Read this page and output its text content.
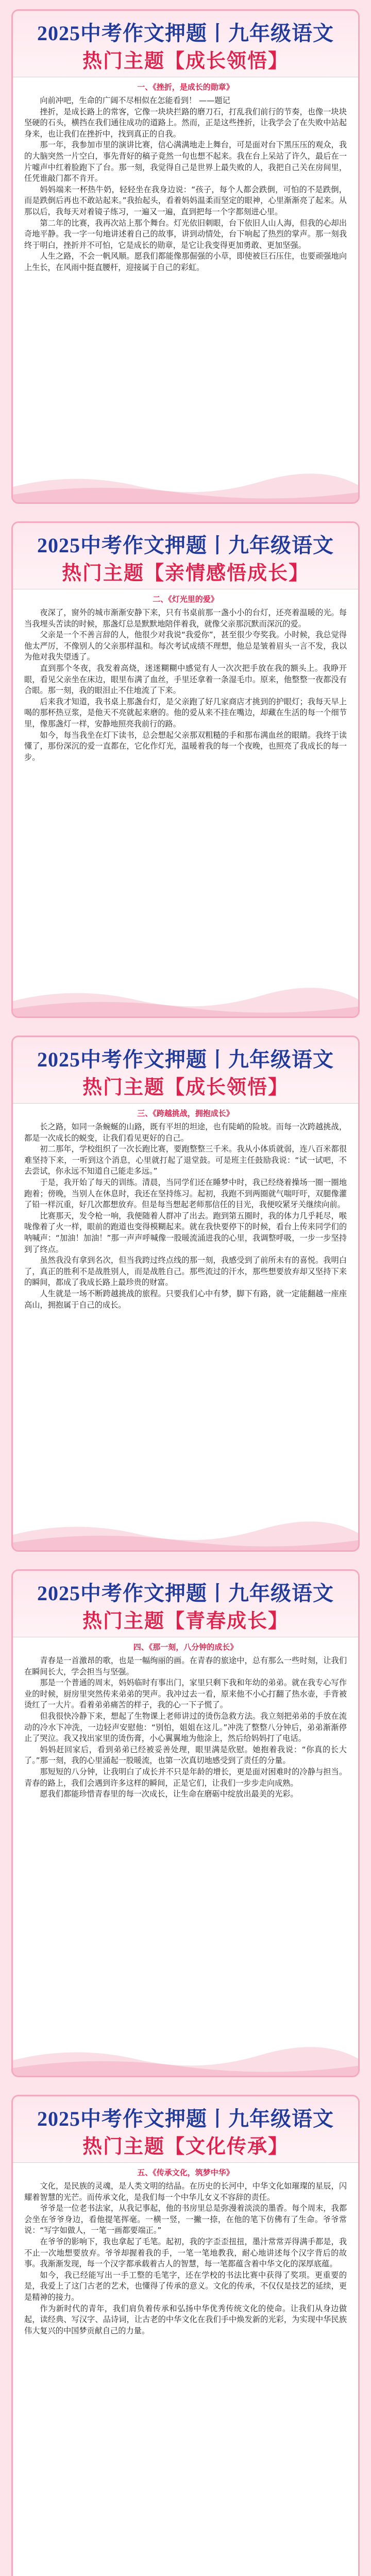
2025中考作文押题丨九年级语文
热门主题【成长领悟】
一、《挫折，是成长的勋章》

向前冲吧，生命的广阔不尽相似在怎能看到！ ——题记

挫折，是成长路上的常客，它像一块块拦路的磨刀石，打乱我们前行的节奏，也像一块块坚硬的石头，横挡在我们通往成功的道路上。然而，正是这些挫折，让我学会了在失败中站起身来，也让我们在挫折中，找到真正的自我。

那一年，我参加市里的演讲比赛，信心满满地走上舞台，可是面对台下黑压压的观众，我的大脑突然一片空白，事先背好的稿子竟然一句也想不起来。我在台上呆站了许久，最后在一片嘘声中红着脸跑下了台。那一刻，我觉得自己是世界上最失败的人，我把自己关在房间里，任凭谁敲门都不肯开。

妈妈端来一杯热牛奶，轻轻坐在我身边说：“孩子，每个人都会跌倒，可怕的不是跌倒，而是跌倒后再也不敢站起来。”我抬起头，看着妈妈温柔而坚定的眼神，心里渐渐亮了起来。从那以后，我每天对着镜子练习，一遍又一遍，直到把每一个字都刻进心里。

第二年的比赛，我再次站上那个舞台。灯光依旧刺眼，台下依旧人山人海，但我的心却出奇地平静。我一字一句地讲述着自己的故事，讲到动情处，台下响起了热烈的掌声。那一刻我终于明白，挫折并不可怕，它是成长的勋章，是它让我变得更加勇敢、更加坚强。

人生之路，不会一帆风顺。愿我们都能像那倔强的小草，即使被巨石压住，也要顽强地向上生长，在风雨中挺直腰杆，迎接属于自己的彩虹。

2025中考作文押题丨九年级语文
热门主题【亲情感悟成长】
二、《灯光里的爱》

夜深了，窗外的城市渐渐安静下来，只有书桌前那一盏小小的台灯，还亮着温暖的光。每当我埋头苦读的时候，那盏灯总是默默地陪伴着我，就像父亲那沉默而深沉的爱。

父亲是一个不善言辞的人，他很少对我说“我爱你”，甚至很少夸奖我。小时候，我总觉得他太严厉，不像别人的父亲那样温和。每次考试成绩不理想，他总是皱着眉头一言不发，我以为他对我失望透了。

直到那个冬夜，我发着高烧，迷迷糊糊中感觉有人一次次把手放在我的额头上。我睁开眼，看见父亲坐在床边，眼里布满了血丝，手里还拿着一条湿毛巾。原来，他整整一夜都没有合眼。那一刻，我的眼泪止不住地流了下来。

后来我才知道，我书桌上那盏台灯，是父亲跑了好几家商店才挑到的护眼灯；我每天早上喝的那杯热豆浆，是他天不亮就起来磨的。他的爱从来不挂在嘴边，却藏在生活的每一个细节里，像那盏灯一样，安静地照亮我前行的路。

如今，每当我坐在灯下读书，总会想起父亲那双粗糙的手和那布满血丝的眼睛。我终于读懂了，那份深沉的爱一直都在，它化作灯光，温暖着我的每一个夜晚，也照亮了我成长的每一步。

2025中考作文押题丨九年级语文
热门主题【成长领悟】
三、《跨越挑战，拥抱成长》

长之路，如同一条蜿蜒的山路，既有平坦的坦途，也有陡峭的险坡。而每一次跨越挑战，都是一次成长的蜕变，让我们看见更好的自己。

初二那年，学校组织了一次长跑比赛，要跑整整三千米。我从小体质就弱，连八百米都很难坚持下来，一听到这个消息，心里就打起了退堂鼓。可是班主任鼓励我说：“试一试吧，不去尝试，你永远不知道自己能走多远。”

于是，我开始了每天的训练。清晨，当同学们还在睡梦中时，我已经绕着操场一圈一圈地跑着；傍晚，当别人在休息时，我还在坚持练习。起初，我跑不到两圈就气喘吁吁，双腿像灌了铅一样沉重，好几次都想放弃。但是每当想起老师那信任的目光，我便咬紧牙关继续向前。

比赛那天，发令枪一响，我便随着人群冲了出去。跑到第五圈时，我的体力几乎耗尽，喉咙像着了火一样，眼前的跑道也变得模糊起来。就在我快要停下的时候，看台上传来同学们的呐喊声：“加油！加油！”那一声声呼喊像一股暖流涌进我的心里，我调整呼吸，一步一步坚持到了终点。

虽然我没有拿到名次，但当我跨过终点线的那一刻，我感受到了前所未有的喜悦。我明白了，真正的胜利不是战胜别人，而是战胜自己。那些流过的汗水，那些想要放弃却又坚持下来的瞬间，都成了我成长路上最珍贵的财富。

人生就是一场不断跨越挑战的旅程。只要我们心中有梦，脚下有路，就一定能翻越一座座高山，拥抱属于自己的成长。

2025中考作文押题丨九年级语文
热门主题【青春成长】
四、《那一刻，八分钟的成长》

青春是一首激昂的歌，也是一幅绚丽的画。在青春的旅途中，总有那么一些时刻，让我们在瞬间长大，学会担当与坚强。

那是一个普通的周末，妈妈临时有事出门，家里只剩下我和年幼的弟弟。就在我专心写作业的时候，厨房里突然传来弟弟的哭声。我冲过去一看，原来他不小心打翻了热水壶，手背被烫红了一大片。看着弟弟痛苦的样子，我的心一下子慌了。

但我很快冷静下来，想起了生物课上老师讲过的烫伤急救方法。我立刻把弟弟的手放在流动的冷水下冲洗，一边轻声安慰他：“别怕，姐姐在这儿。”冲洗了整整八分钟后，弟弟渐渐停止了哭泣。我又找出家里的烫伤膏，小心翼翼地为他涂上，然后给妈妈打了电话。

妈妈赶回家后，看到弟弟已经被妥善处理，眼里满是欣慰。她抱着我说：“你真的长大了。”那一刻，我的心里涌起一股暖流，也第一次真切地感受到了责任的分量。

那短短的八分钟，让我明白了成长并不只是年龄的增长，更是面对困难时的冷静与担当。青春的路上，我们会遇到许多这样的瞬间，正是它们，让我们一步步走向成熟。

愿我们都能珍惜青春里的每一次成长，让生命在磨砺中绽放出最美的光彩。

2025中考作文押题丨九年级语文
热门主题【文化传承】
五、《传承文化，筑梦中华》

文化，是民族的灵魂，是人类文明的结晶。在历史的长河中，中华文化如璀璨的星辰，闪耀着智慧的光芒。而传承文化，是我们每一个中华儿女义不容辞的责任。

爷爷是一位老书法家，从我记事起，他的书房里总是弥漫着淡淡的墨香。每个周末，我都会坐在爷爷身边，看他提笔挥毫。一横一竖，一撇一捺，在他的笔下仿佛有了生命。爷爷常说：“写字如做人，一笔一画都要端正。”

在爷爷的影响下，我也拿起了毛笔。起初，我的字歪歪扭扭，墨汁常常弄得满手都是，我不止一次地想要放弃。爷爷却握着我的手，一笔一笔地教我，耐心地讲述每个汉字背后的故事。我渐渐发现，每一个汉字都承载着古人的智慧，每一笔都蕴含着中华文化的深厚底蕴。

如今，我已经能写出一手工整的毛笔字，还在学校的书法比赛中获得了奖项。更重要的是，我爱上了这门古老的艺术，也懂得了传承的意义。文化的传承，不仅仅是技艺的延续，更是精神的接力。

作为新时代的青年，我们肩负着传承和弘扬中华优秀传统文化的使命。让我们从身边做起，读经典、写汉字、品诗词，让古老的中华文化在我们手中焕发新的光彩，为实现中华民族伟大复兴的中国梦贡献自己的力量。
